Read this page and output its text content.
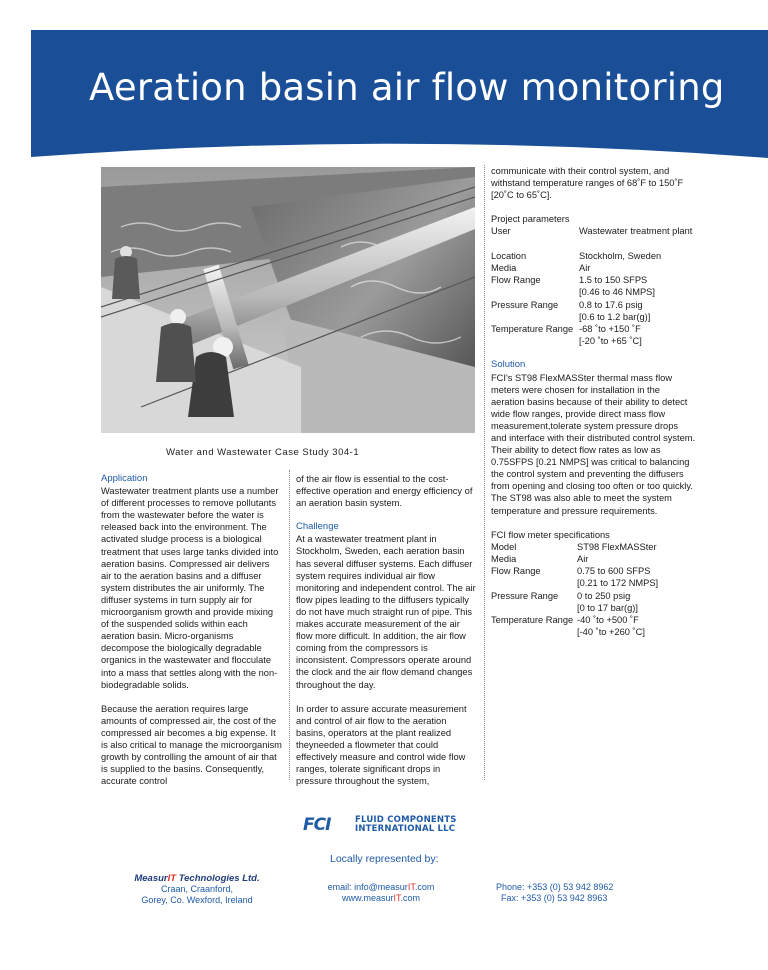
Aeration basin air flow monitoring
Water and Wastewater Case Study 304-1
Application

Wastewater treatment plants use a number of different processes to remove pollutants from the wastewater before the water is released back into the environment. The activated sludge process is a biological treatment that uses large tanks divided into aeration basins. Compressed air delivers air to the aeration basins and a diffuser system distributes the air uniformly. The diffuser systems in turn supply air for microorganism growth and provide mixing of the suspended solids within each aeration basin. Micro-organisms decompose the biologically degradable organics in the wastewater and flocculate into a mass that settles along with the non-biodegradable solids.

Because the aeration requires large amounts of compressed air, the cost of the compressed air becomes a big expense. It is also critical to manage the microorganism growth by controlling the amount of air that is supplied to the basins. Consequently, accurate control

of the air flow is essential to the cost-effective operation and energy efficiency of an aeration basin system.

Challenge

At a wastewater treatment plant in Stockholm, Sweden, each aeration basin has several diffuser systems. Each diffuser system requires individual air flow monitoring and independent control. The air flow pipes leading to the diffusers typically do not have much straight run of pipe. This makes accurate measurement of the air flow more difficult. In addition, the air flow coming from the compressors is inconsistent. Compressors operate around the clock and the air flow demand changes throughout the day.

In order to assure accurate measurement and control of air flow to the aeration basins, operators at the plant realized theyneeded a flowmeter that could effectively measure and control wide flow ranges, tolerate significant drops in pressure throughout the system,

communicate with their control system, and withstand temperature ranges of 68˚F to 150˚F [20˚C to 65˚C].

Project parameters
User	Wastewater treatment plant

Location	Stockholm, Sweden
Media	Air
Flow Range	1.5 to 150 SFPS
	[0.46 to 46 NMPS]
Pressure Range	0.8 to 17.6 psig
	[0.6 to 1.2 bar(g)]
Temperature Range	-68 ˚to +150 ˚F
	[-20 ˚to +65 ˚C]
Solution

FCI's ST98 FlexMASSter thermal mass flow meters were chosen for installation in the aeration basins because of their ability to detect wide flow ranges, provide direct mass flow measurement,tolerate system pressure drops and interface with their distributed control system. Their ability to detect flow rates as low as 0.75SFPS [0.21 NMPS] was critical to balancing the control system and preventing the diffusers from opening and closing too often or too quickly. The ST98 was also able to meet the system temperature and pressure requirements.

FCI flow meter specifications
Model	ST98 FlexMASSter
Media	Air
Flow Range	0.75 to 600 SFPS
	[0.21 to 172 NMPS]
Pressure Range	0 to 250 psig
	[0 to 17 bar(g)]
Temperature Range	-40 ˚to +500 ˚F
	[-40 ˚to +260 ˚C]
FCI	FLUID COMPONENTS
INTERNATIONAL LLC
Locally represented by:
MeasurIT Technologies Ltd.
Craan, Craanford,
Gorey, Co. Wexford, Ireland
email: info@measurIT.com
www.measurIT.com
Phone: +353 (0) 53 942 8962
Fax: +353 (0) 53 942 8963
